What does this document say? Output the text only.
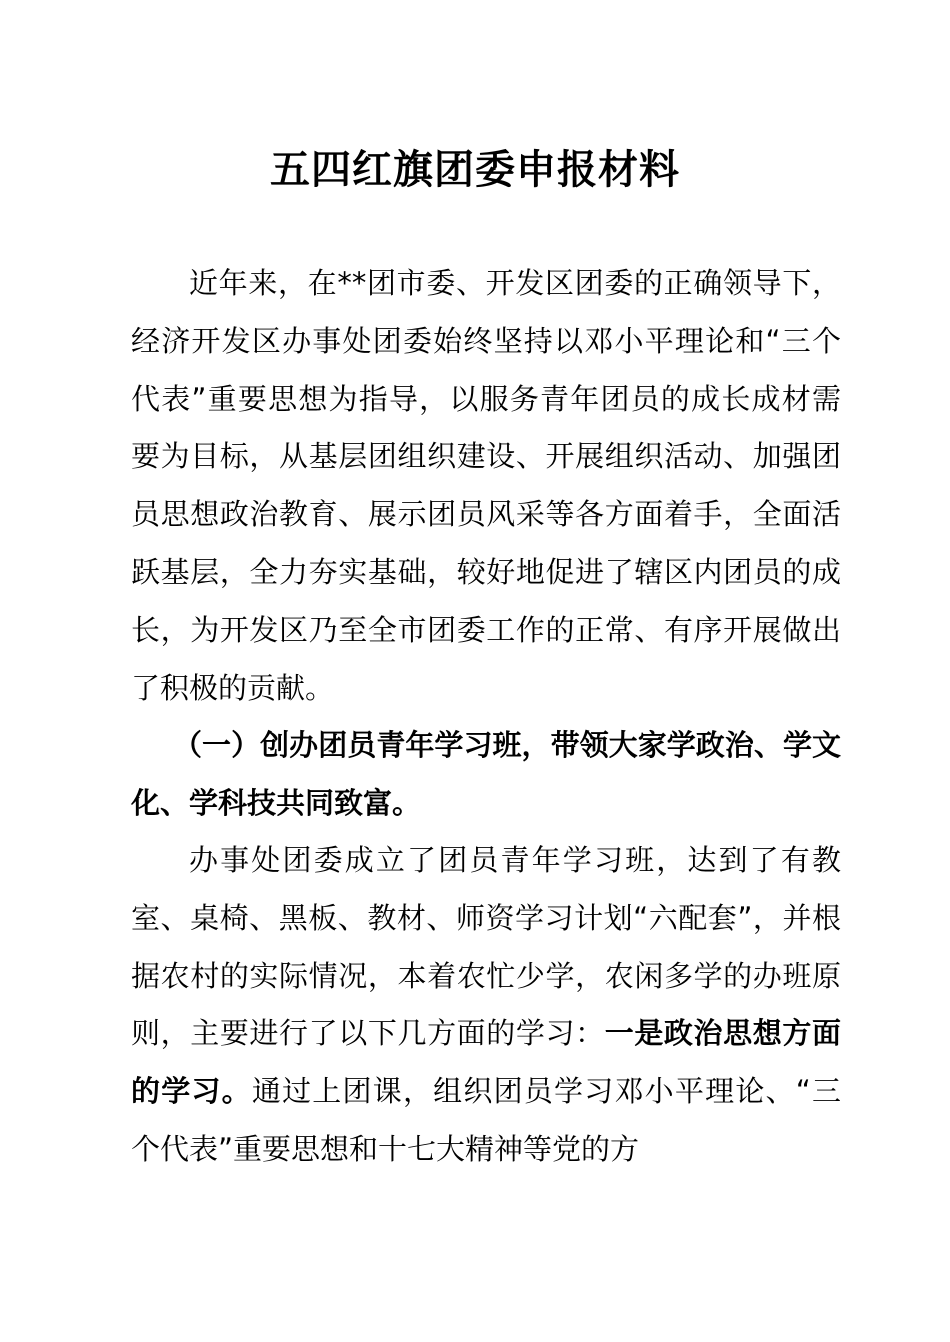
五四红旗团委申报材料

近年来，在**团市委、开发区团委的正确领导下，经济开发区办事处团委始终坚持以邓小平理论和“三个代表”重要思想为指导，以服务青年团员的成长成材需要为目标，从基层团组织建设、开展组织活动、加强团员思想政治教育、展示团员风采等各方面着手，全面活跃基层，全力夯实基础，较好地促进了辖区内团员的成长，为开发区乃至全市团委工作的正常、有序开展做出了积极的贡献。

（一）创办团员青年学习班，带领大家学政治、学文化、学科技共同致富。

办事处团委成立了团员青年学习班，达到了有教室、桌椅、黑板、教材、师资学习计划“六配套”，并根据农村的实际情况，本着农忙少学，农闲多学的办班原则，主要进行了以下几方面的学习：一是政治思想方面的学习。通过上团课，组织团员学习邓小平理论、“三个代表”重要思想和十七大精神等党的方
